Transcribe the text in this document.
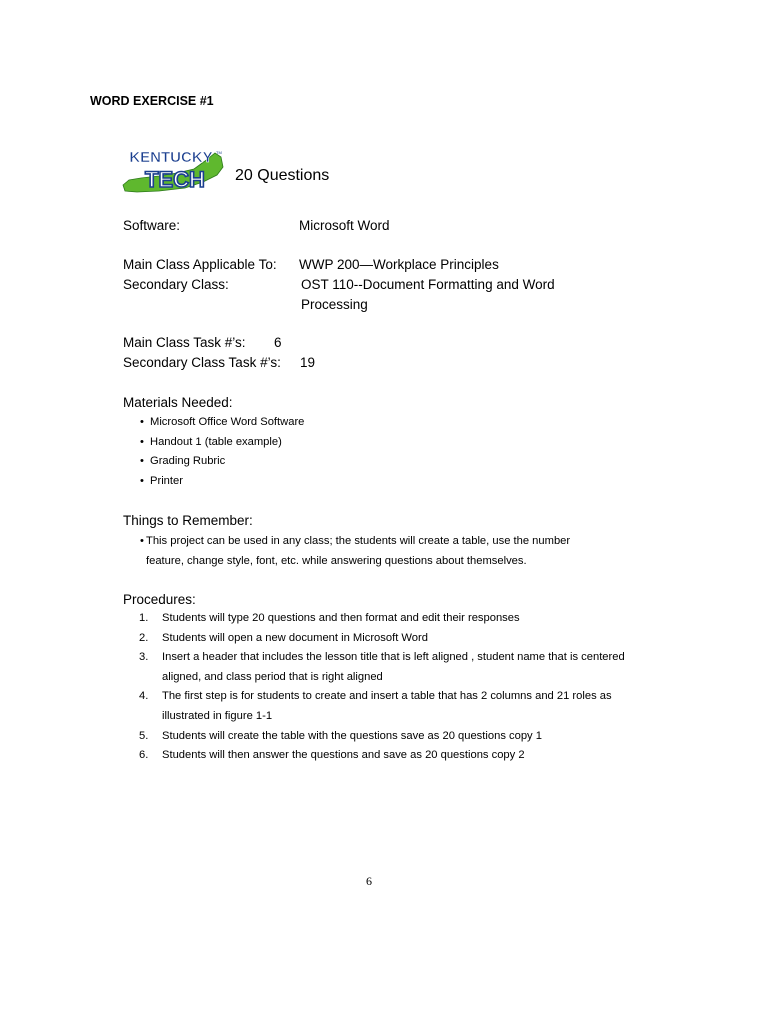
WORD EXERCISE #1
KENTUCKY
TECH
TM
20 Questions
Software:	Microsoft Word
Main Class Applicable To: WWP 200—Workplace Principles
Secondary Class:	OST 110--Document Formatting and Word
Processing
Main Class Task #’s: 6
Secondary Class Task #’s: 19
Materials Needed:
• Microsoft Office Word Software
• Handout 1 (table example)
• Grading Rubric
• Printer
Things to Remember:
• This project can be used in any class; the students will create a table, use the number
feature, change style, font, etc. while answering questions about themselves.
Procedures:
1. Students will type 20 questions and then format and edit their responses
2. Students will open a new document in Microsoft Word
3. Insert a header that includes the lesson title that is left aligned , student name that is centered aligned, and class period that is right aligned
4. The first step is for students to create and insert a table that has 2 columns and 21 roles as illustrated in figure 1-1
5. Students will create the table with the questions save as 20 questions copy 1
6. Students will then answer the questions and save as 20 questions copy 2
6
